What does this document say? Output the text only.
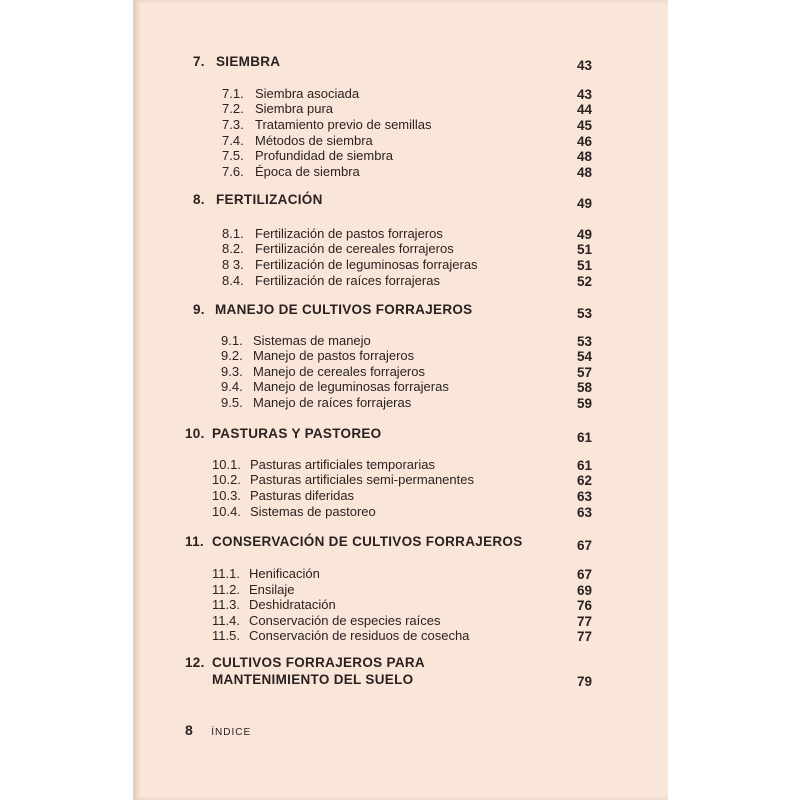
7. SIEMBRA	43
7.1. Siembra asociada	43
7.2. Siembra pura	44
7.3. Tratamiento previo de semillas	45
7.4. Métodos de siembra	46
7.5. Profundidad de siembra	48
7.6. Época de siembra	48
8. FERTILIZACIÓN	49
8.1. Fertilización de pastos forrajeros	49
8.2. Fertilización de cereales forrajeros	51
8 3. Fertilización de leguminosas forrajeras	51
8.4. Fertilización de raíces forrajeras	52
9. MANEJO DE CULTIVOS FORRAJEROS	53
9.1. Sistemas de manejo	53
9.2. Manejo de pastos forrajeros	54
9.3. Manejo de cereales forrajeros	57
9.4. Manejo de leguminosas forrajeras	58
9.5. Manejo de raíces forrajeras	59
10. PASTURAS Y PASTOREO	61
10.1. Pasturas artificiales temporarias	61
10.2. Pasturas artificiales semi-permanentes	62
10.3. Pasturas diferidas	63
10.4. Sistemas de pastoreo	63
11. CONSERVACIÓN DE CULTIVOS FORRAJEROS	67
11.1. Henificación	67
11.2. Ensilaje	69
11.3. Deshidratación	76
11.4. Conservación de especies raíces	77
11.5. Conservación de residuos de cosecha	77
12. CULTIVOS FORRAJEROS PARA
MANTENIMIENTO DEL SUELO	79
8 ÍNDICE
